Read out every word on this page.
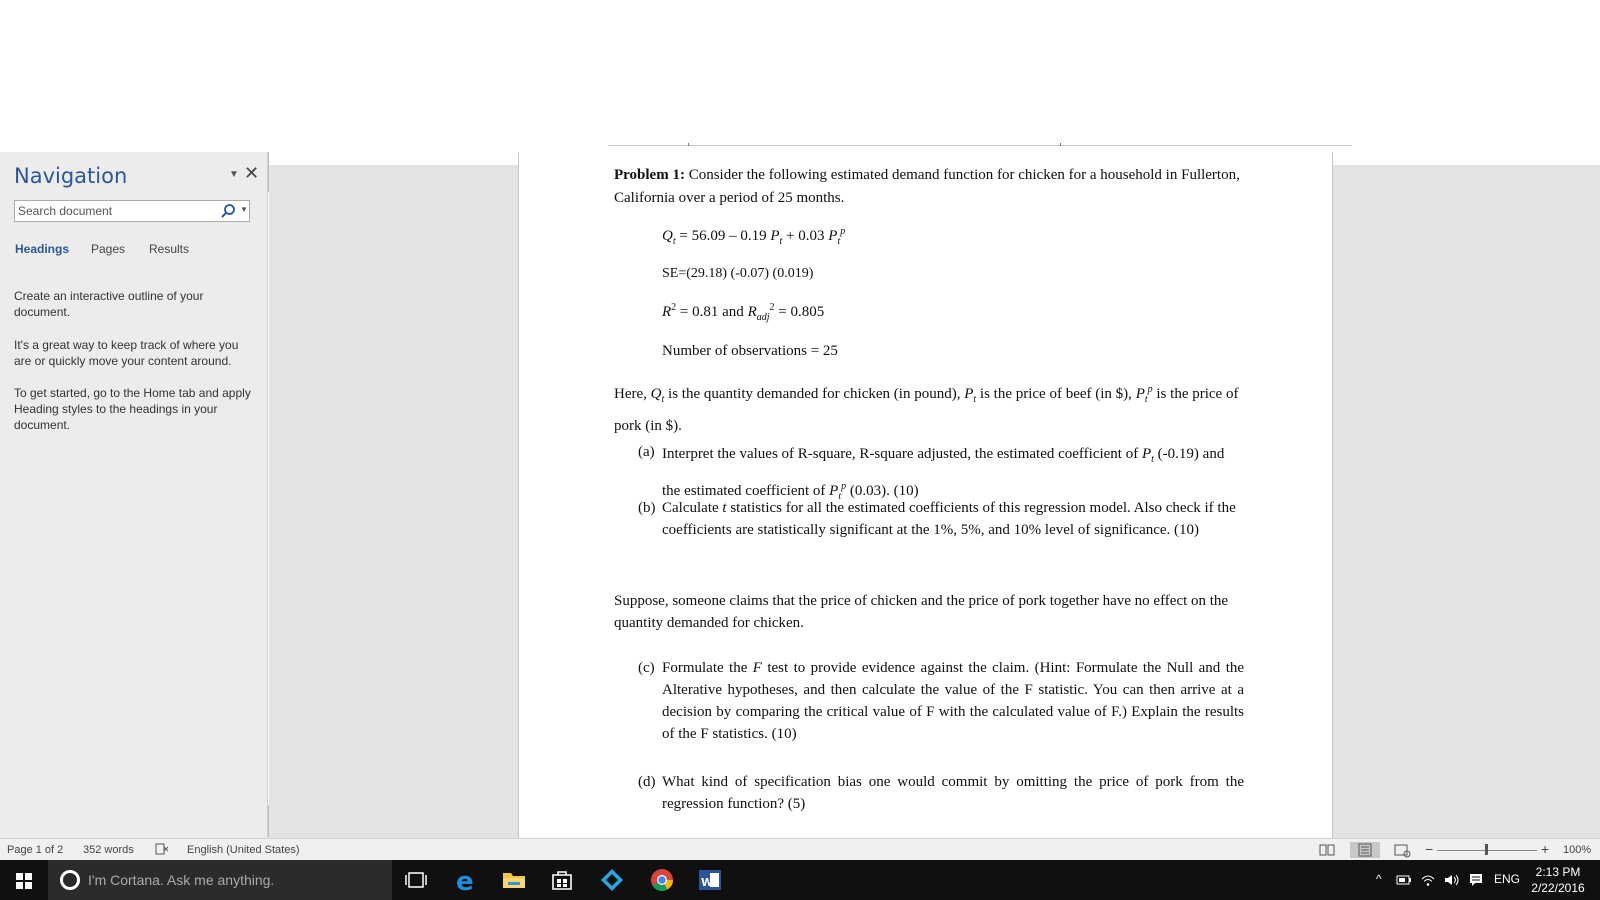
Navigation	▼ ✕
Search document
▼
Headings Pages Results
Create an interactive outline of your document.
It's a great way to keep track of where you are or quickly move your content around.
To get started, go to the Home tab and apply Heading styles to the headings in your document.
Problem 1: Consider the following estimated demand function for chicken for a household in Fullerton, California over a period of 25 months.
$Q_t = 56.09 - 0.19$ $P_t + 0.03$ $P_t^p$
SE=(29.18) (-0.07) (0.019)
$R^2 = 0.81$ and $R_{adj}^2 = 0.805$
Number of observations = 25
Here, $Q_t$ is the quantity demanded for chicken (in pound), $P_t$ is the price of beef (in $), $P_t^p$ is the price of pork (in $).
(a) Interpret the values of R-square, R-square adjusted, the estimated coefficient of $P_t$ (-0.19) and the estimated coefficient of $P_t^p$ (0.03). (10)
(b) Calculate t statistics for all the estimated coefficients of this regression model. Also check if the coefficients are statistically significant at the 1%, 5%, and 10% level of significance. (10)
Suppose, someone claims that the price of chicken and the price of pork together have no effect on the quantity demanded for chicken.
(c) Formulate the F test to provide evidence against the claim. (Hint: Formulate the Null and the Alterative hypotheses, and then calculate the value of the F statistic. You can then arrive at a decision by comparing the critical value of F with the calculated value of F.) Explain the results of the F statistics. (10)
(d) What kind of specification bias one would commit by omitting the price of pork from the regression function? (5)
Page 1 of 2 352 words	English (United States)	−	+ 100%
I'm Cortana. Ask me anything.	e	W	^	ENG	2:13 PM
2/22/2016
